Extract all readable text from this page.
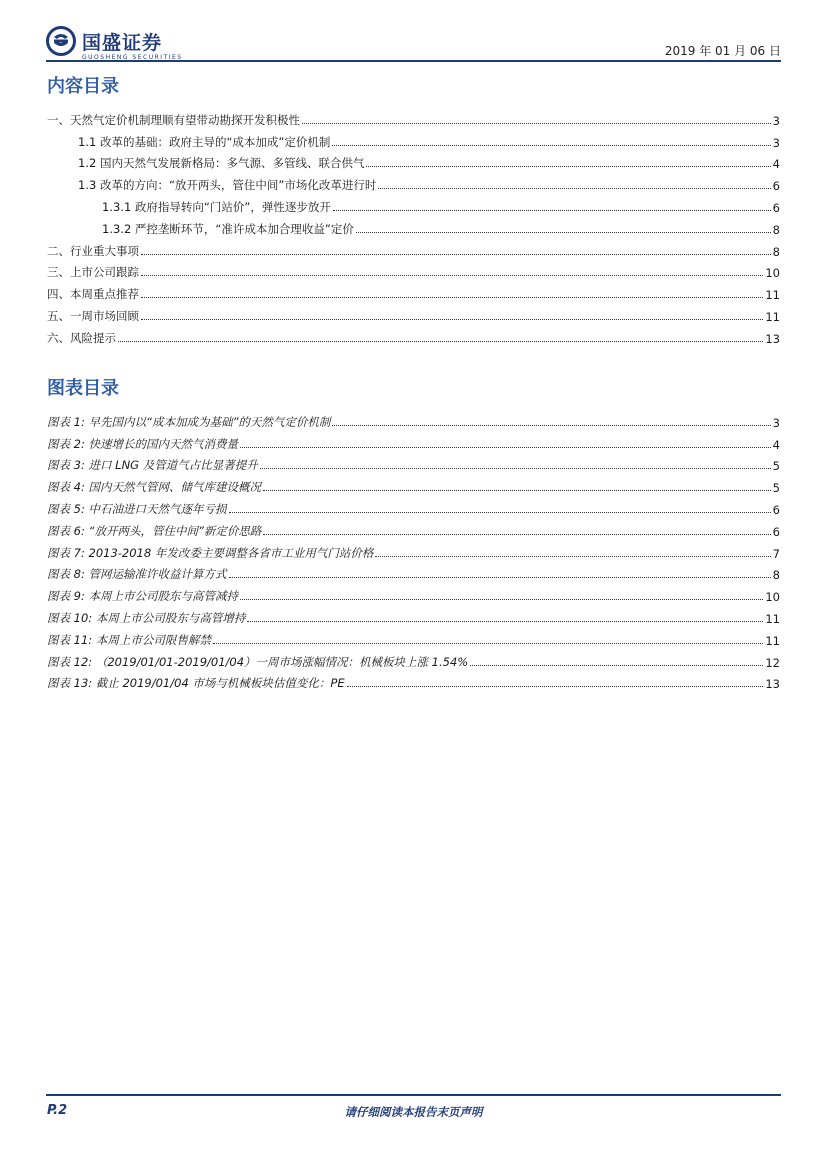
国盛证券
GUOSHENG SECURITIES	2019 年 01 月 06 日
内容目录
一、天然气定价机制理顺有望带动勘探开发积极性	3
1.1 改革的基础：政府主导的“成本加成”定价机制	3
1.2 国内天然气发展新格局：多气源、多管线、联合供气	4
1.3 改革的方向：“放开两头，管住中间”市场化改革进行时	6
1.3.1 政府指导转向“门站价”，弹性逐步放开	6
1.3.2 严控垄断环节，“准许成本加合理收益”定价	8
二、行业重大事项	8
三、上市公司跟踪	10
四、本周重点推荐	11
五、一周市场回顾	11
六、风险提示	13
图表目录
图表 1: 早先国内以“成本加成为基础”的天然气定价机制	3
图表 2: 快速增长的国内天然气消费量	4
图表 3: 进口 LNG 及管道气占比显著提升	5
图表 4: 国内天然气管网、储气库建设概况	5
图表 5: 中石油进口天然气逐年亏损	6
图表 6: “放开两头，管住中间”新定价思路	6
图表 7: 2013-2018 年发改委主要调整各省市工业用气门站价格	7
图表 8: 管网运输准许收益计算方式	8
图表 9: 本周上市公司股东与高管减持	10
图表 10: 本周上市公司股东与高管增持	11
图表 11: 本周上市公司限售解禁	11
图表 12: （2019/01/01-2019/01/04）一周市场涨幅情况：机械板块上涨 1.54%	12
图表 13: 截止 2019/01/04 市场与机械板块估值变化：PE	13
P.2	请仔细阅读本报告末页声明
